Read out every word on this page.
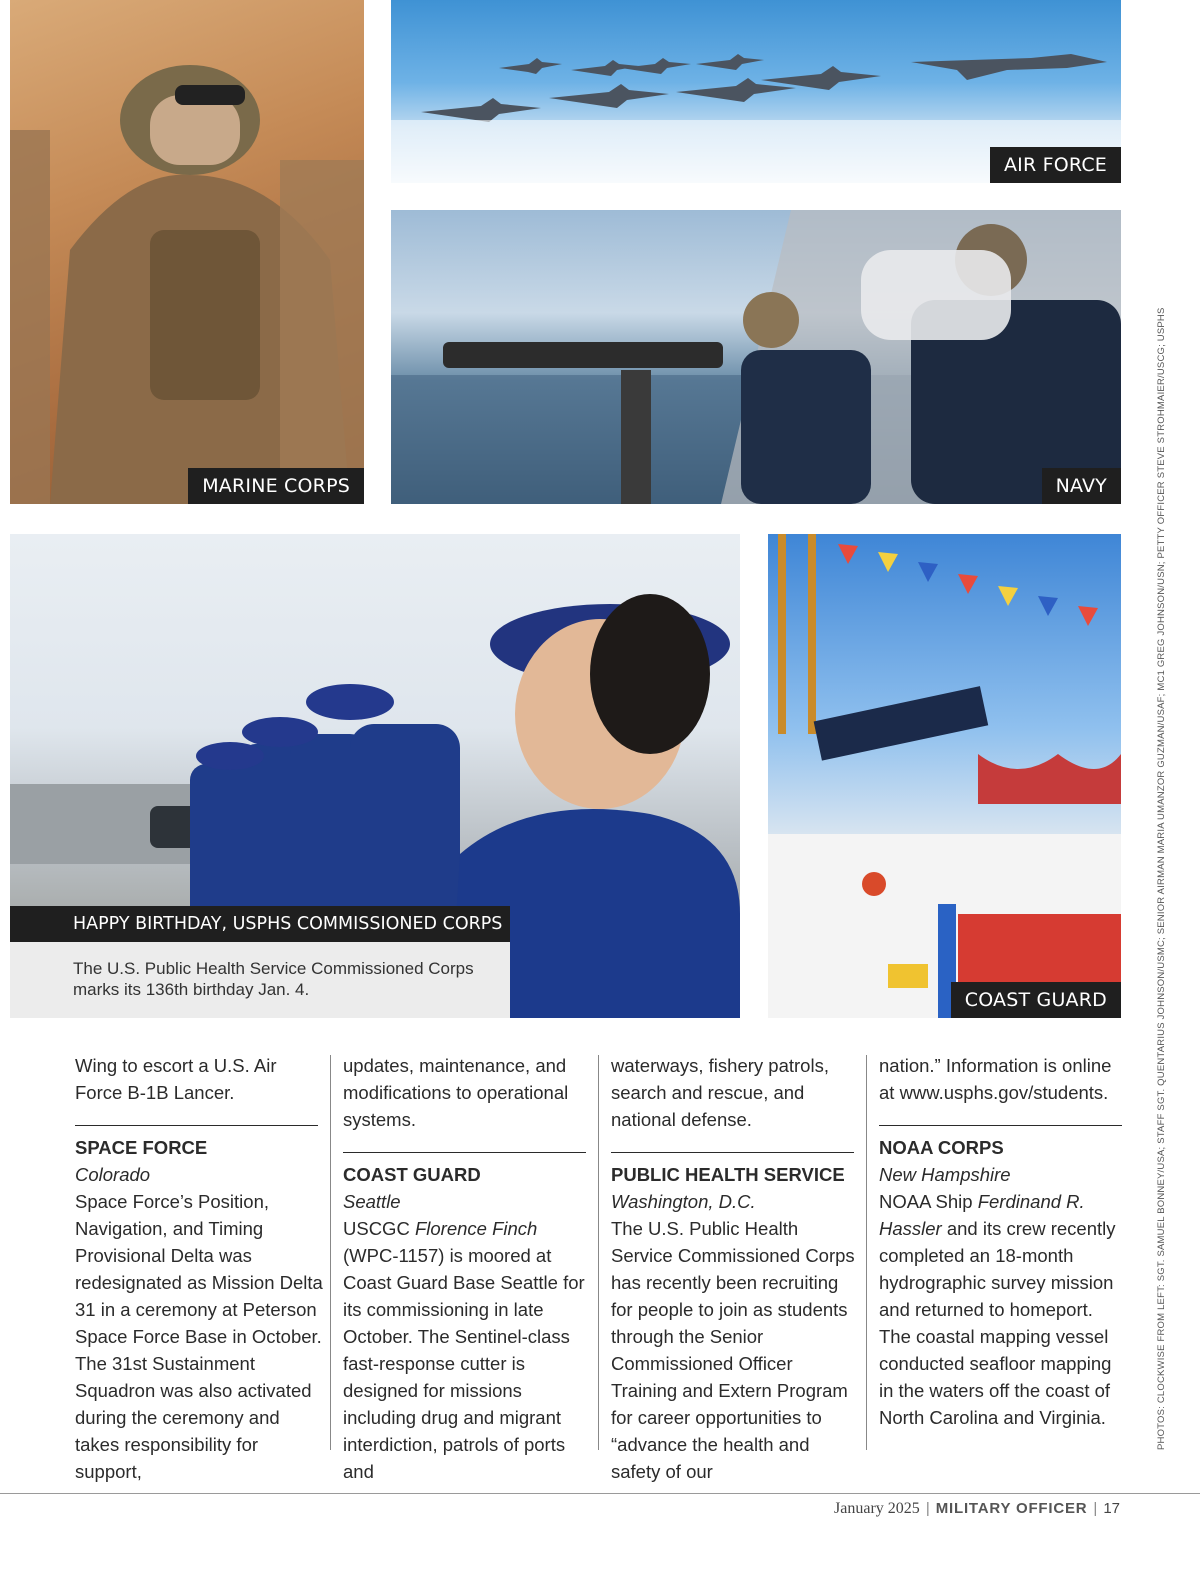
MARINE CORPS
AIR FORCE
NAVY
HAPPY BIRTHDAY, USPHS COMMISSIONED CORPS
The U.S. Public Health Service Commissioned Corps marks its 136th birthday Jan. 4.	COAST GUARD

Wing to escort a U.S. Air Force B-1B Lancer.

SPACE FORCE
Colorado

Space Force’s Position, Navigation, and Timing Provisional Delta was redesignated as Mission Delta 31 in a ceremony at Peterson Space Force Base in October. The 31st Sustainment Squadron was also activated during the ceremony and takes responsibility for support,

updates, maintenance, and modifications to operational systems.

COAST GUARD
Seattle

USCGC Florence Finch (WPC-1157) is moored at Coast Guard Base Seattle for its commissioning in late October. The Sentinel-class fast-response cutter is designed for missions including drug and migrant interdiction, patrols of ports and

waterways, fishery patrols, search and rescue, and national defense.

PUBLIC HEALTH SERVICE
Washington, D.C.

The U.S. Public Health Service Commissioned Corps has recently been recruiting for people to join as students through the Senior Commissioned Officer Training and Extern Program for career opportunities to “advance the health and safety of our

nation.” Information is online at www.usphs.gov/students.

NOAA CORPS
New Hampshire

NOAA Ship Ferdinand R. Hassler and its crew recently completed an 18-month hydrographic survey mission and returned to homeport. The coastal mapping vessel conducted seafloor mapping in the waters off the coast of North Carolina and Virginia.	PHOTOS: CLOCKWISE FROM LEFT: SGT. SAMUEL BONNEY/USA; STAFF SGT. QUENTARIUS JOHNSON/USMC; SENIOR AIRMAN MARIA UMANZOR GUZMAN/USAF; MC1 GREG JOHNSON/USN; PETTY OFFICER STEVE STROHMAIER/USCG; USPHS
January 2025 | MILITARY OFFICER | 17
